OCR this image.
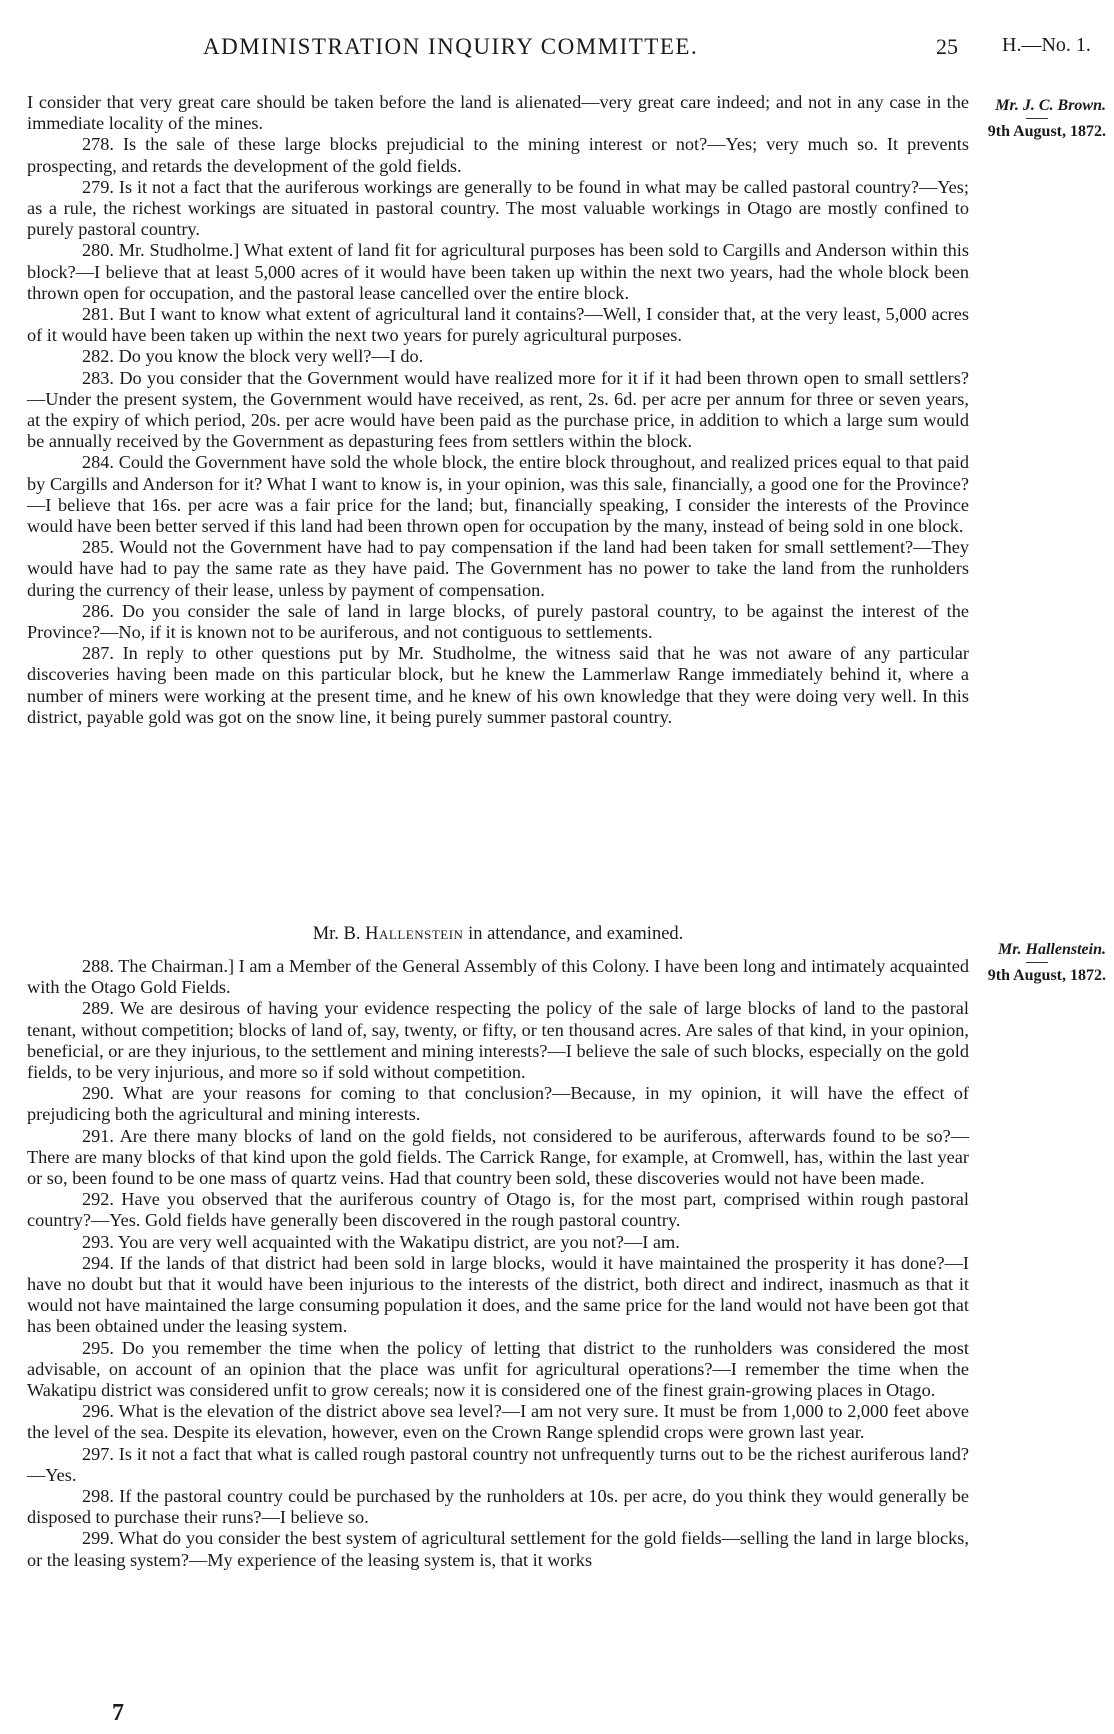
ADMINISTRATION INQUIRY COMMITTEE.	25 H.—No. 1.
Mr. J. C. Brown.
9th August, 1872.

I consider that very great care should be taken before the land is alienated—very great care indeed; and not in any case in the immediate locality of the mines.

278. Is the sale of these large blocks prejudicial to the mining interest or not?—Yes; very much so. It prevents prospecting, and retards the development of the gold fields.

279. Is it not a fact that the auriferous workings are generally to be found in what may be called pastoral country?—Yes; as a rule, the richest workings are situated in pastoral country. The most valuable workings in Otago are mostly confined to purely pastoral country.

280. Mr. Studholme.] What extent of land fit for agricultural purposes has been sold to Cargills and Anderson within this block?—I believe that at least 5,000 acres of it would have been taken up within the next two years, had the whole block been thrown open for occupation, and the pastoral lease cancelled over the entire block.

281. But I want to know what extent of agricultural land it contains?—Well, I consider that, at the very least, 5,000 acres of it would have been taken up within the next two years for purely agricultural purposes.

282. Do you know the block very well?—I do.

283. Do you consider that the Government would have realized more for it if it had been thrown open to small settlers?—Under the present system, the Government would have received, as rent, 2s. 6d. per acre per annum for three or seven years, at the expiry of which period, 20s. per acre would have been paid as the purchase price, in addition to which a large sum would be annually received by the Government as depasturing fees from settlers within the block.

284. Could the Government have sold the whole block, the entire block throughout, and realized prices equal to that paid by Cargills and Anderson for it? What I want to know is, in your opinion, was this sale, financially, a good one for the Province?—I believe that 16s. per acre was a fair price for the land; but, financially speaking, I consider the interests of the Province would have been better served if this land had been thrown open for occupation by the many, instead of being sold in one block.

285. Would not the Government have had to pay compensation if the land had been taken for small settlement?—They would have had to pay the same rate as they have paid. The Government has no power to take the land from the runholders during the currency of their lease, unless by payment of compensation.

286. Do you consider the sale of land in large blocks, of purely pastoral country, to be against the interest of the Province?—No, if it is known not to be auriferous, and not contiguous to settlements.

287. In reply to other questions put by Mr. Studholme, the witness said that he was not aware of any particular discoveries having been made on this particular block, but he knew the Lammerlaw Range immediately behind it, where a number of miners were working at the present time, and he knew of his own knowledge that they were doing very well. In this district, payable gold was got on the snow line, it being purely summer pastoral country.

Mr. B. Hallenstein in attendance, and examined.
Mr. Hallenstein.
9th August, 1872.

288. The Chairman.] I am a Member of the General Assembly of this Colony. I have been long and intimately acquainted with the Otago Gold Fields.

289. We are desirous of having your evidence respecting the policy of the sale of large blocks of land to the pastoral tenant, without competition; blocks of land of, say, twenty, or fifty, or ten thousand acres. Are sales of that kind, in your opinion, beneficial, or are they injurious, to the settlement and mining interests?—I believe the sale of such blocks, especially on the gold fields, to be very injurious, and more so if sold without competition.

290. What are your reasons for coming to that conclusion?—Because, in my opinion, it will have the effect of prejudicing both the agricultural and mining interests.

291. Are there many blocks of land on the gold fields, not considered to be auriferous, afterwards found to be so?—There are many blocks of that kind upon the gold fields. The Carrick Range, for example, at Cromwell, has, within the last year or so, been found to be one mass of quartz veins. Had that country been sold, these discoveries would not have been made.

292. Have you observed that the auriferous country of Otago is, for the most part, comprised within rough pastoral country?—Yes. Gold fields have generally been discovered in the rough pastoral country.

293. You are very well acquainted with the Wakatipu district, are you not?—I am.

294. If the lands of that district had been sold in large blocks, would it have maintained the prosperity it has done?—I have no doubt but that it would have been injurious to the interests of the district, both direct and indirect, inasmuch as that it would not have maintained the large consuming population it does, and the same price for the land would not have been got that has been obtained under the leasing system.

295. Do you remember the time when the policy of letting that district to the runholders was considered the most advisable, on account of an opinion that the place was unfit for agricultural operations?—I remember the time when the Wakatipu district was considered unfit to grow cereals; now it is considered one of the finest grain-growing places in Otago.

296. What is the elevation of the district above sea level?—I am not very sure. It must be from 1,000 to 2,000 feet above the level of the sea. Despite its elevation, however, even on the Crown Range splendid crops were grown last year.

297. Is it not a fact that what is called rough pastoral country not unfrequently turns out to be the richest auriferous land?—Yes.

298. If the pastoral country could be purchased by the runholders at 10s. per acre, do you think they would generally be disposed to purchase their runs?—I believe so.

299. What do you consider the best system of agricultural settlement for the gold fields—selling the land in large blocks, or the leasing system?—My experience of the leasing system is, that it works

7
